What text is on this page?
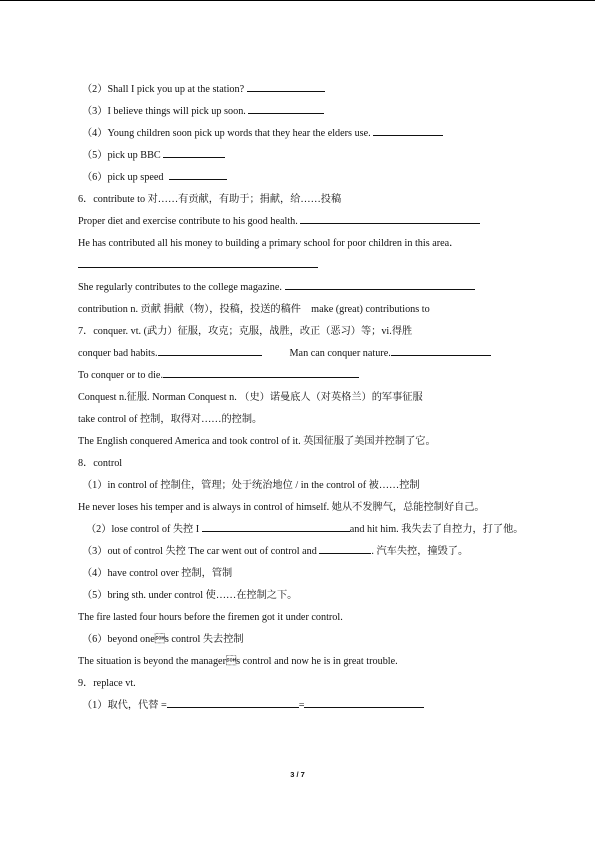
（2）Shall I pick you up at the station?
（3）I believe things will pick up soon.
（4）Young children soon pick up words that they hear the elders use.
（5）pick up BBC
（6）pick up speed
6．contribute to 对……有贡献，有助于；捐献，给……投稿
Proper diet and exercise contribute to his good health.
He has contributed all his money to building a primary school for poor children in this area．
She regularly contributes to the college magazine.
contribution n. 贡献 捐献（物），投稿，投送的稿件 make (great) contributions to
7．conquer. vt. (武力）征服，攻克；克服，战胜，改正（恶习）等；vi.得胜
conquer bad habits.	Man can conquer nature.
To conquer or to die.
Conquest n.征服. Norman Conquest n. （史）诺曼底人（对英格兰）的军事征服
take control of 控制，取得对……的控制。
The English conquered America and took control of it. 英国征服了美国并控制了它。
8．control
（1）in control of 控制住，管理；处于统治地位 / in the control of 被……控制
He never loses his temper and is always in control of himself. 她从不发脾气，总能控制好自己。
（2）lose control of 失控 I	and hit him. 我失去了自控力，打了他。
（3）out of control 失控 The car went out of control and	. 汽车失控，撞毁了。
（4）have control over 控制，管制
（5）bring sth. under control 使……在控制之下。
The fire lasted four hours before the firemen got it under control.
（6）beyond ones control 失去控制
The situation is beyond the managers control and now he is in great trouble.
9．replace vt.
（1）取代，代替 =	=
3 / 7
